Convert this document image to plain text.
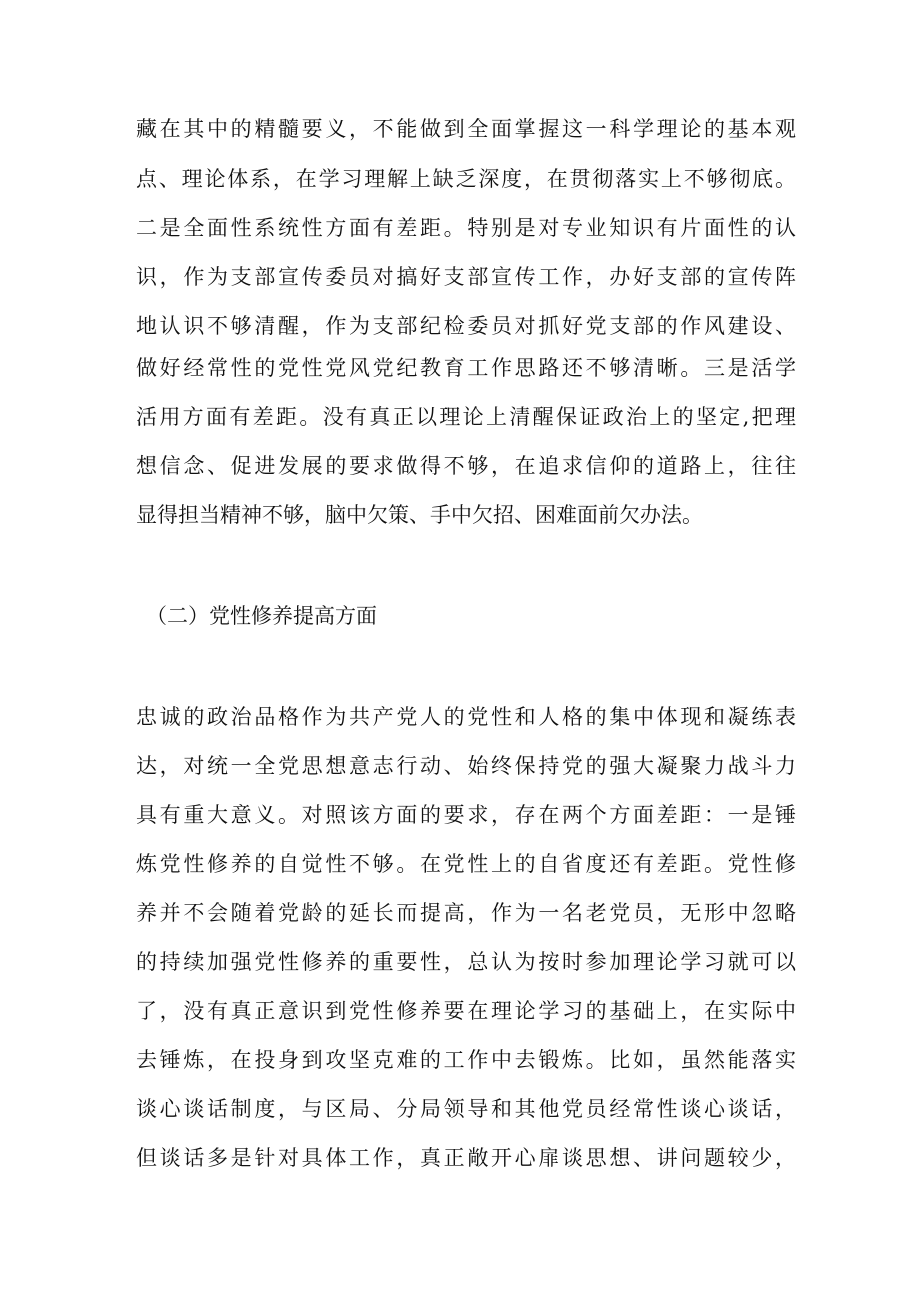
藏在其中的精髓要义，不能做到全面掌握这一科学理论的基本观
点、理论体系，在学习理解上缺乏深度，在贯彻落实上不够彻底。
二是全面性系统性方面有差距。特别是对专业知识有片面性的认
识，作为支部宣传委员对搞好支部宣传工作，办好支部的宣传阵
地认识不够清醒，作为支部纪检委员对抓好党支部的作风建设、
做好经常性的党性党风党纪教育工作思路还不够清晰。三是活学
活用方面有差距。没有真正以理论上清醒保证政治上的坚定,把理
想信念、促进发展的要求做得不够，在追求信仰的道路上，往往
显得担当精神不够，脑中欠策、手中欠招、困难面前欠办法。
（二）党性修养提高方面
忠诚的政治品格作为共产党人的党性和人格的集中体现和凝练表
达，对统一全党思想意志行动、始终保持党的强大凝聚力战斗力
具有重大意义。对照该方面的要求，存在两个方面差距：一是锤
炼党性修养的自觉性不够。在党性上的自省度还有差距。党性修
养并不会随着党龄的延长而提高，作为一名老党员，无形中忽略
的持续加强党性修养的重要性，总认为按时参加理论学习就可以
了，没有真正意识到党性修养要在理论学习的基础上，在实际中
去锤炼，在投身到攻坚克难的工作中去锻炼。比如，虽然能落实
谈心谈话制度，与区局、分局领导和其他党员经常性谈心谈话，
但谈话多是针对具体工作，真正敞开心扉谈思想、讲问题较少，
